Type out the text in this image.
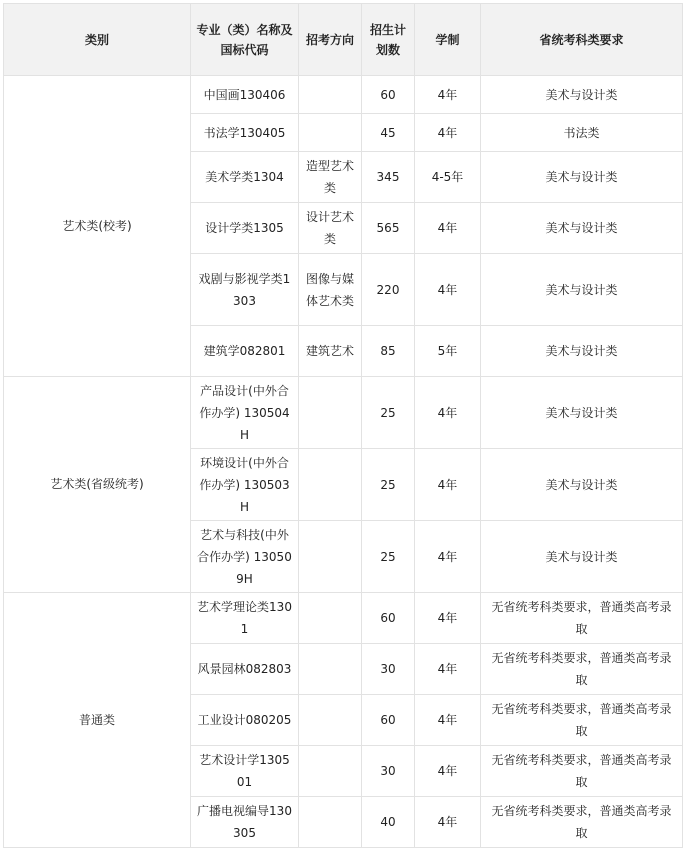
类别	专业（类）名称及国标代码	招考方向	招生计划数	学制	省统考科类要求
艺术类(校考)	中国画130406		60	4年	美术与设计类
	书法学130405		45	4年	书法类
	美术学类1304	造型艺术类	345	4-5年	美术与设计类
	设计学类1305	设计艺术类	565	4年	美术与设计类
	戏剧与影视学类1303	图像与媒体艺术类	220	4年	美术与设计类
	建筑学082801	建筑艺术	85	5年	美术与设计类
艺术类(省级统考)	产品设计(中外合作办学) 130504H		25	4年	美术与设计类
	环境设计(中外合作办学) 130503H		25	4年	美术与设计类
	艺术与科技(中外合作办学) 130509H		25	4年	美术与设计类
普通类	艺术学理论类1301		60	4年	无省统考科类要求，普通类高考录取
	风景园林082803		30	4年	无省统考科类要求，普通类高考录取
	工业设计080205		60	4年	无省统考科类要求，普通类高考录取
	艺术设计学130501		30	4年	无省统考科类要求，普通类高考录取
	广播电视编导130305		40	4年	无省统考科类要求，普通类高考录取
